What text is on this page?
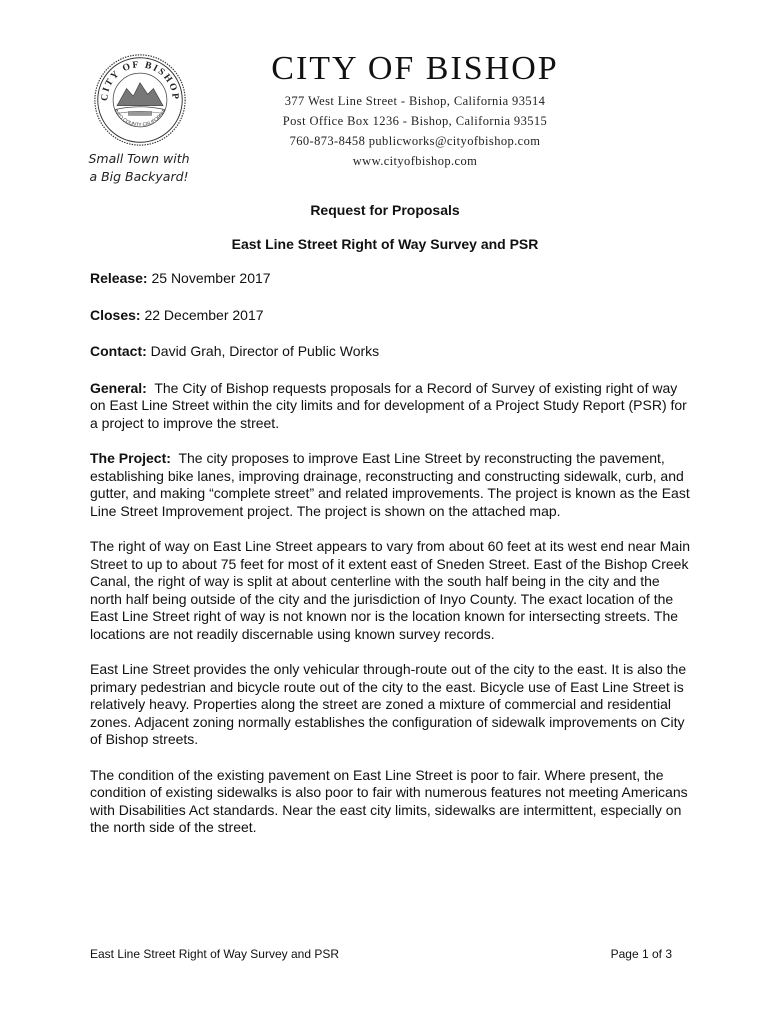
CITY OF BISHOP
INYO COUNTY CALIFORNIA
Small Town with
a Big Backyard!
CITY OF BISHOP
377 West Line Street - Bishop, California 93514
Post Office Box 1236 - Bishop, California 93515
760-873-8458 publicworks@cityofbishop.com
www.cityofbishop.com
Request for Proposals
East Line Street Right of Way Survey and PSR

Release: 25 November 2017

Closes: 22 December 2017

Contact: David Grah, Director of Public Works

General: The City of Bishop requests proposals for a Record of Survey of existing right of way on East Line Street within the city limits and for development of a Project Study Report (PSR) for a project to improve the street.

The Project: The city proposes to improve East Line Street by reconstructing the pavement, establishing bike lanes, improving drainage, reconstructing and constructing sidewalk, curb, and gutter, and making “complete street” and related improvements. The project is known as the East Line Street Improvement project. The project is shown on the attached map.

The right of way on East Line Street appears to vary from about 60 feet at its west end near Main Street to up to about 75 feet for most of it extent east of Sneden Street. East of the Bishop Creek Canal, the right of way is split at about centerline with the south half being in the city and the north half being outside of the city and the jurisdiction of Inyo County. The exact location of the East Line Street right of way is not known nor is the location known for intersecting streets. The locations are not readily discernable using known survey records.

East Line Street provides the only vehicular through-route out of the city to the east. It is also the primary pedestrian and bicycle route out of the city to the east. Bicycle use of East Line Street is relatively heavy. Properties along the street are zoned a mixture of commercial and residential zones. Adjacent zoning normally establishes the configuration of sidewalk improvements on City of Bishop streets.

The condition of the existing pavement on East Line Street is poor to fair. Where present, the condition of existing sidewalks is also poor to fair with numerous features not meeting Americans with Disabilities Act standards. Near the east city limits, sidewalks are intermittent, especially on the north side of the street.

East Line Street Right of Way Survey and PSR	Page 1 of 3
